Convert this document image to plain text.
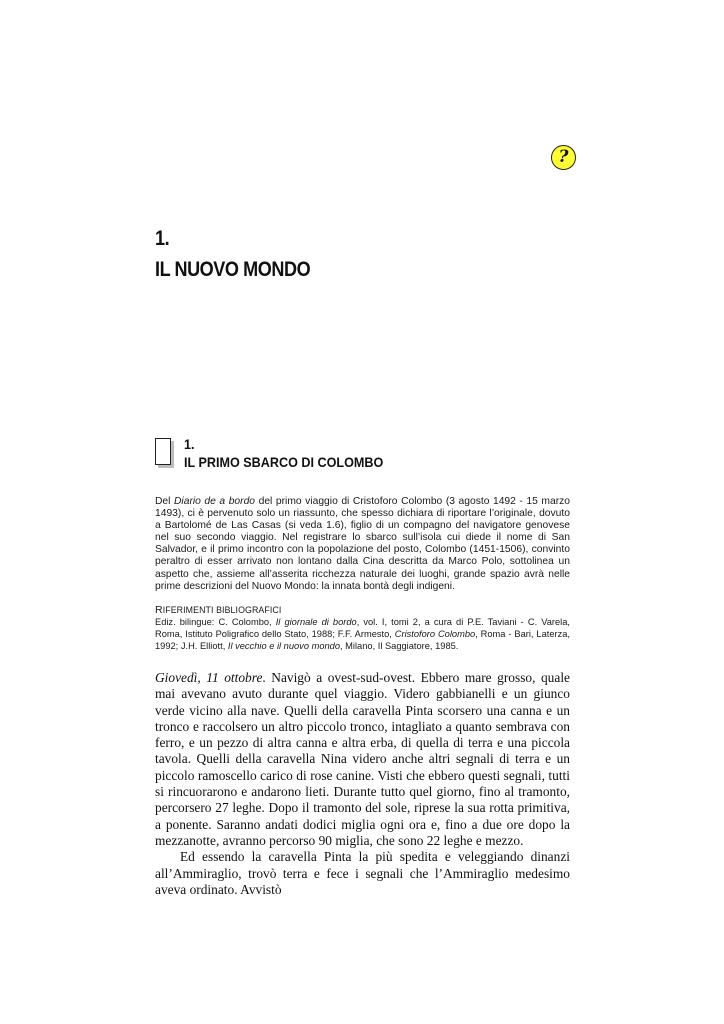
?
1.
IL NUOVO MONDO
1.
IL PRIMO SBARCO DI COLOMBO

Del Diario de a bordo del primo viaggio di Cristoforo Colombo (3 agosto 1492 - 15 marzo 1493), ci è pervenuto solo un riassunto, che spesso dichiara di riportare l’originale, dovuto a Bartolomé de Las Casas (si veda 1.6), figlio di un compagno del navigatore genovese nel suo secondo viaggio. Nel registrare lo sbarco sull’isola cui diede il nome di San Salvador, e il primo incontro con la popolazione del posto, Colombo (1451-1506), convinto peraltro di esser arrivato non lontano dalla Cina descritta da Marco Polo, sottolinea un aspetto che, assieme all’asserita ricchezza naturale dei luoghi, grande spazio avrà nelle prime descrizioni del Nuovo Mondo: la innata bontà degli indigeni.

RIFERIMENTI BIBLIOGRAFICI

Ediz. bilingue: C. Colombo, Il giornale di bordo, vol. I, tomi 2, a cura di P.E. Taviani - C. Varela, Roma, Istituto Poligrafico dello Stato, 1988; F.F. Armesto, Cristoforo Colombo, Roma - Bari, Laterza, 1992; J.H. Elliott, Il vecchio e il nuovo mondo, Milano, Il Saggiatore, 1985.

Giovedì, 11 ottobre. Navigò a ovest-sud-ovest. Ebbero mare grosso, quale mai avevano avuto durante quel viaggio. Videro gabbianelli e un giunco verde vicino alla nave. Quelli della caravella Pinta scorsero una canna e un tronco e raccolsero un altro piccolo tronco, intagliato a quanto sembrava con ferro, e un pezzo di altra canna e altra erba, di quella di terra e una piccola tavola. Quelli della caravella Nina videro anche altri segnali di terra e un piccolo ramoscello carico di rose canine. Visti che ebbero questi segnali, tutti si rincuorarono e andarono lieti. Durante tutto quel giorno, fino al tramonto, percorsero 27 leghe. Dopo il tramonto del sole, riprese la sua rotta primitiva, a ponente. Saranno andati dodici miglia ogni ora e, fino a due ore dopo la mezzanotte, avranno percorso 90 miglia, che sono 22 leghe e mezzo.

Ed essendo la caravella Pinta la più spedita e veleggiando dinanzi all’Ammiraglio, trovò terra e fece i segnali che l’Ammiraglio medesimo aveva ordinato. Avvistò
